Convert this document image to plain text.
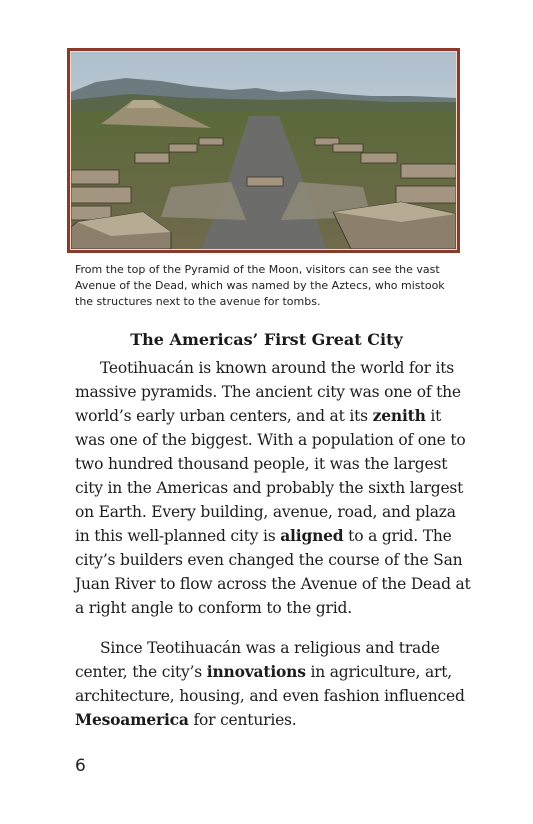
From the top of the Pyramid of the Moon, visitors can see the vast Avenue of the Dead, which was named by the Aztecs, who mistook the structures next to the avenue for tombs.

The Americas’ First Great City

Teotihuacán is known around the world for its massive pyramids. The ancient city was one of the world’s early urban centers, and at its zenith it was one of the biggest. With a population of one to two hundred thousand people, it was the largest city in the Americas and probably the sixth largest on Earth. Every building, avenue, road, and plaza in this well-planned city is aligned to a grid. The city’s builders even changed the course of the San Juan River to flow across the Avenue of the Dead at a right angle to conform to the grid.

Since Teotihuacán was a religious and trade center, the city’s innovations in agriculture, art, architecture, housing, and even fashion influenced Mesoamerica for centuries.

6
